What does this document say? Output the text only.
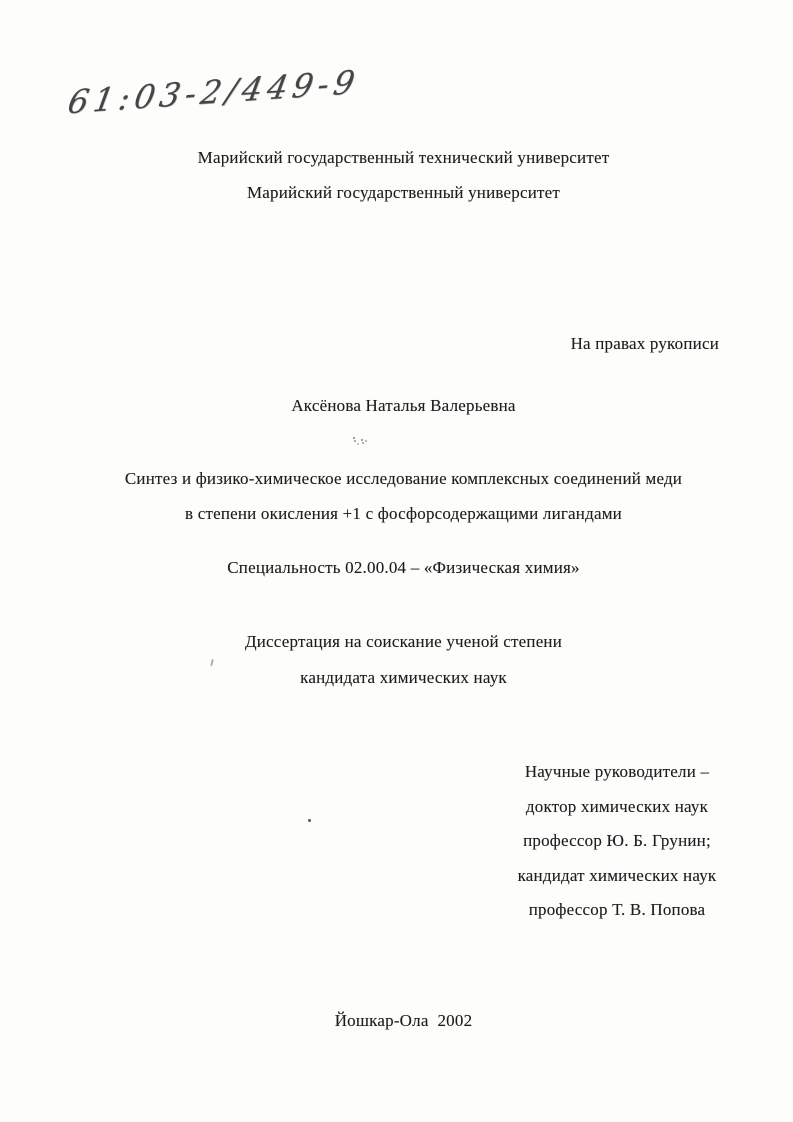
61:03-2/449-9
Марийский государственный технический университет
Марийский государственный университет
На правах рукописи
Аксёнова Наталья Валерьевна
Синтез и физико-химическое исследование комплексных соединений меди
в степени окисления +1 с фосфорсодержащими лигандами
Специальность 02.00.04 – «Физическая химия»
Диссертация на соискание ученой степени
кандидата химических наук
Научные руководители –
доктор химических наук
профессор Ю. Б. Грунин;
кандидат химических наук
профессор Т. В. Попова
Йошкар-Ола  2002
